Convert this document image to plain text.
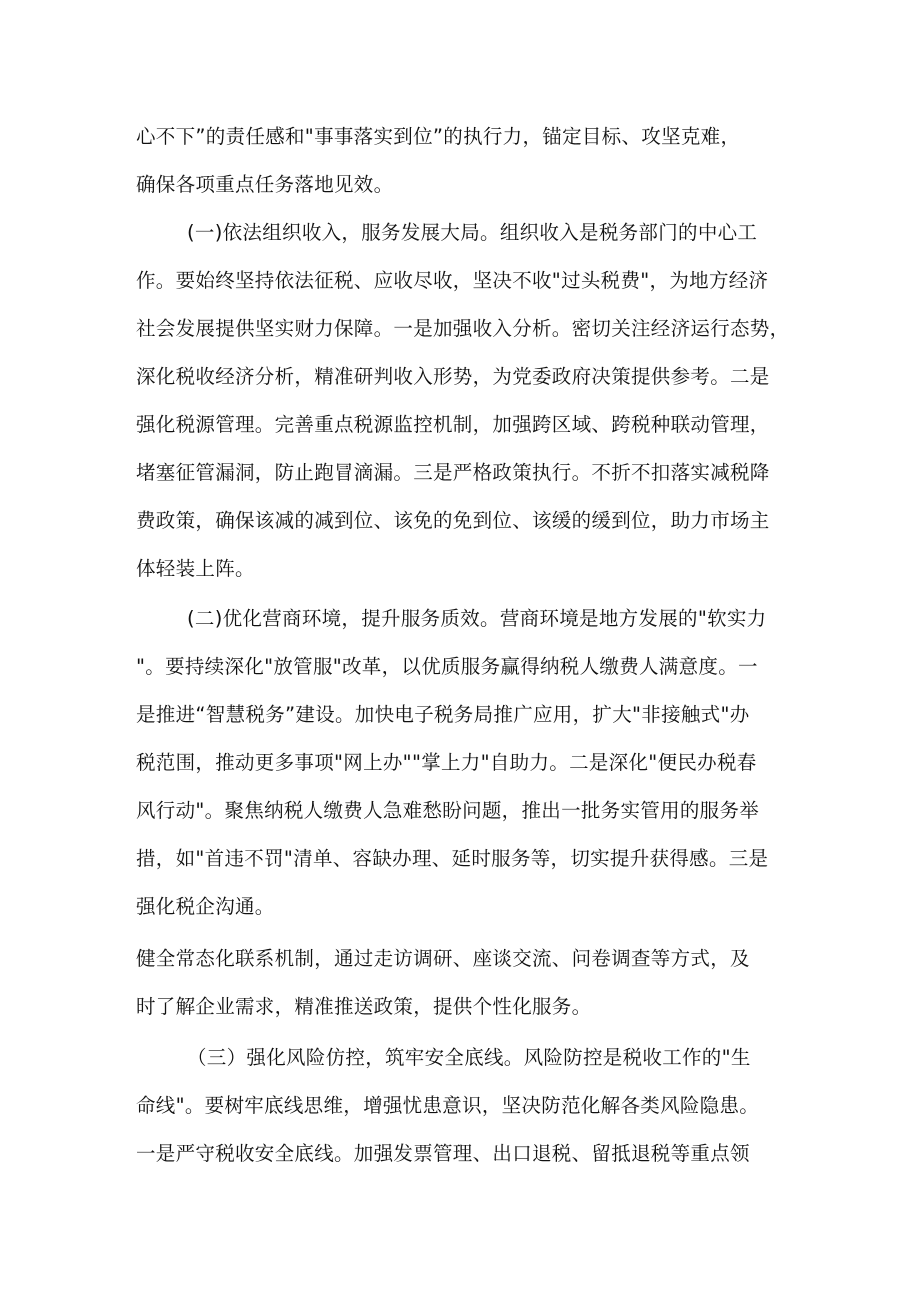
心不下”的责任感和"事事落实到位”的执行力，锚定目标、攻坚克难，
确保各项重点任务落地见效。
(一)依法组织收入，服务发展大局。组织收入是税务部门的中心工
作。要始终坚持依法征税、应收尽收，坚决不收"过头税费"，为地方经济
社会发展提供坚实财力保障。一是加强收入分析。密切关注经济运行态势，
深化税收经济分析，精准研判收入形势，为党委政府决策提供参考。二是
强化税源管理。完善重点税源监控机制，加强跨区域、跨税种联动管理，
堵塞征管漏洞，防止跑冒滴漏。三是严格政策执行。不折不扣落实减税降
费政策，确保该减的减到位、该免的免到位、该缓的缓到位，助力市场主
体轻装上阵。
(二)优化营商环境，提升服务质效。营商环境是地方发展的"软实力
"。要持续深化"放管服"改革，以优质服务赢得纳税人缴费人满意度。一
是推进“智慧税务”建设。加快电子税务局推广应用，扩大"非接触式"办
税范围，推动更多事项"网上办""掌上力"自助力。二是深化"便民办税春
风行动"。聚焦纳税人缴费人急难愁盼问题，推出一批务实管用的服务举
措，如"首违不罚"清单、容缺办理、延时服务等，切实提升获得感。三是
强化税企沟通。
健全常态化联系机制，通过走访调研、座谈交流、问卷调查等方式，及
时了解企业需求，精准推送政策，提供个性化服务。
（三）强化风险仿控，筑牢安全底线。风险防控是税收工作的"生
命线"。要树牢底线思维，增强忧患意识，坚决防范化解各类风险隐患。
一是严守税收安全底线。加强发票管理、出口退税、留抵退税等重点领
